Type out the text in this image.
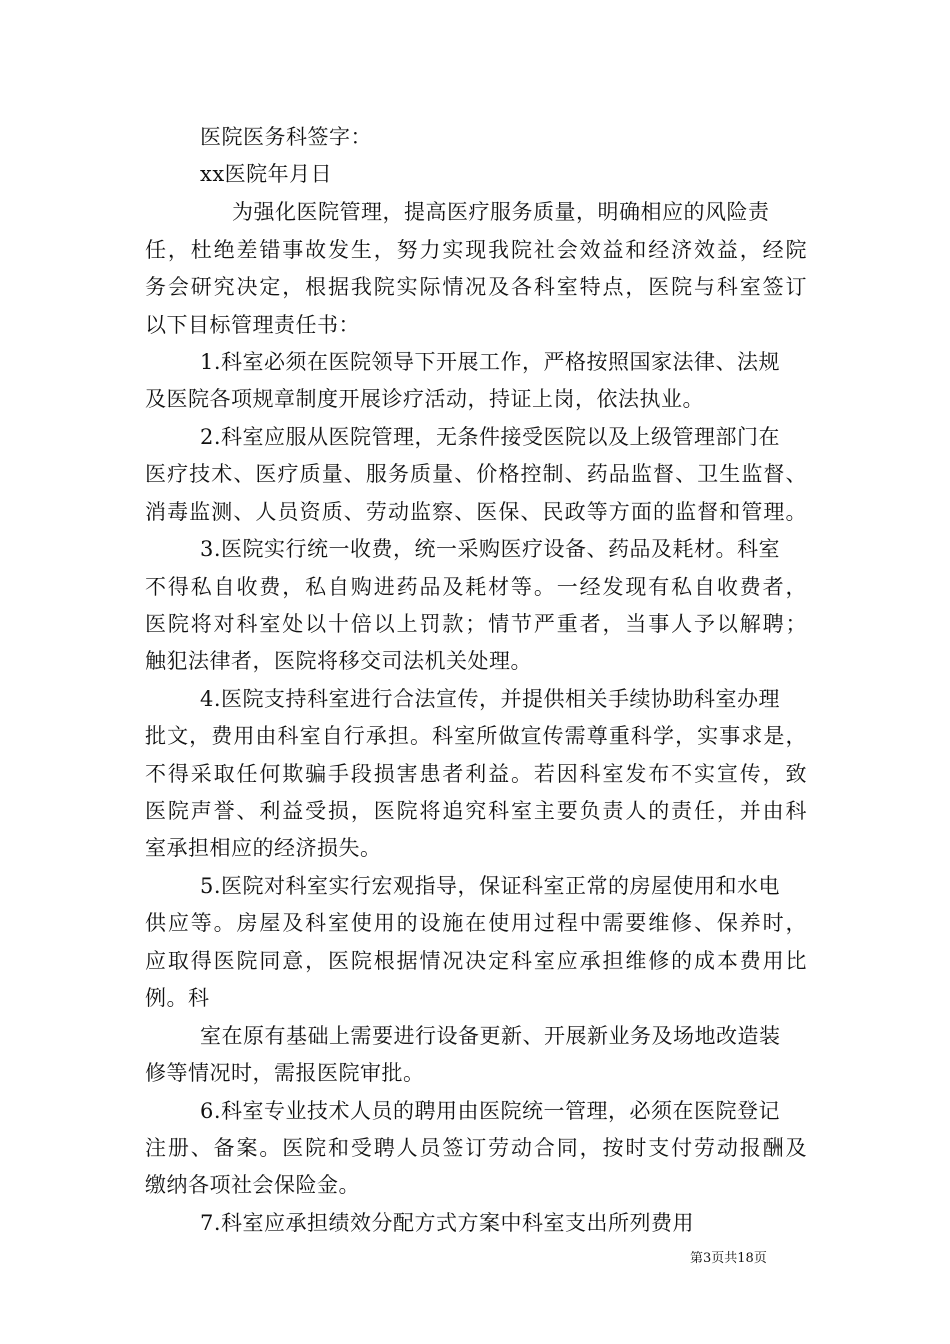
医院医务科签字：
xx医院年月日
为强化医院管理，提高医疗服务质量，明确相应的风险责
任，杜绝差错事故发生，努力实现我院社会效益和经济效益，经院
务会研究决定，根据我院实际情况及各科室特点，医院与科室签订
以下目标管理责任书：
1.科室必须在医院领导下开展工作，严格按照国家法律、法规
及医院各项规章制度开展诊疗活动，持证上岗，依法执业。
2.科室应服从医院管理，无条件接受医院以及上级管理部门在
医疗技术、医疗质量、服务质量、价格控制、药品监督、卫生监督、
消毒监测、人员资质、劳动监察、医保、民政等方面的监督和管理。
3.医院实行统一收费，统一采购医疗设备、药品及耗材。科室
不得私自收费，私自购进药品及耗材等。一经发现有私自收费者，
医院将对科室处以十倍以上罚款；情节严重者，当事人予以解聘；
触犯法律者，医院将移交司法机关处理。
4.医院支持科室进行合法宣传，并提供相关手续协助科室办理
批文，费用由科室自行承担。科室所做宣传需尊重科学，实事求是，
不得采取任何欺骗手段损害患者利益。若因科室发布不实宣传，致
医院声誉、利益受损，医院将追究科室主要负责人的责任，并由科
室承担相应的经济损失。
5.医院对科室实行宏观指导，保证科室正常的房屋使用和水电
供应等。房屋及科室使用的设施在使用过程中需要维修、保养时，
应取得医院同意，医院根据情况决定科室应承担维修的成本费用比
例。科
室在原有基础上需要进行设备更新、开展新业务及场地改造装
修等情况时，需报医院审批。
6.科室专业技术人员的聘用由医院统一管理，必须在医院登记
注册、备案。医院和受聘人员签订劳动合同，按时支付劳动报酬及
缴纳各项社会保险金。
7.科室应承担绩效分配方式方案中科室支出所列费用
第3页共18页
